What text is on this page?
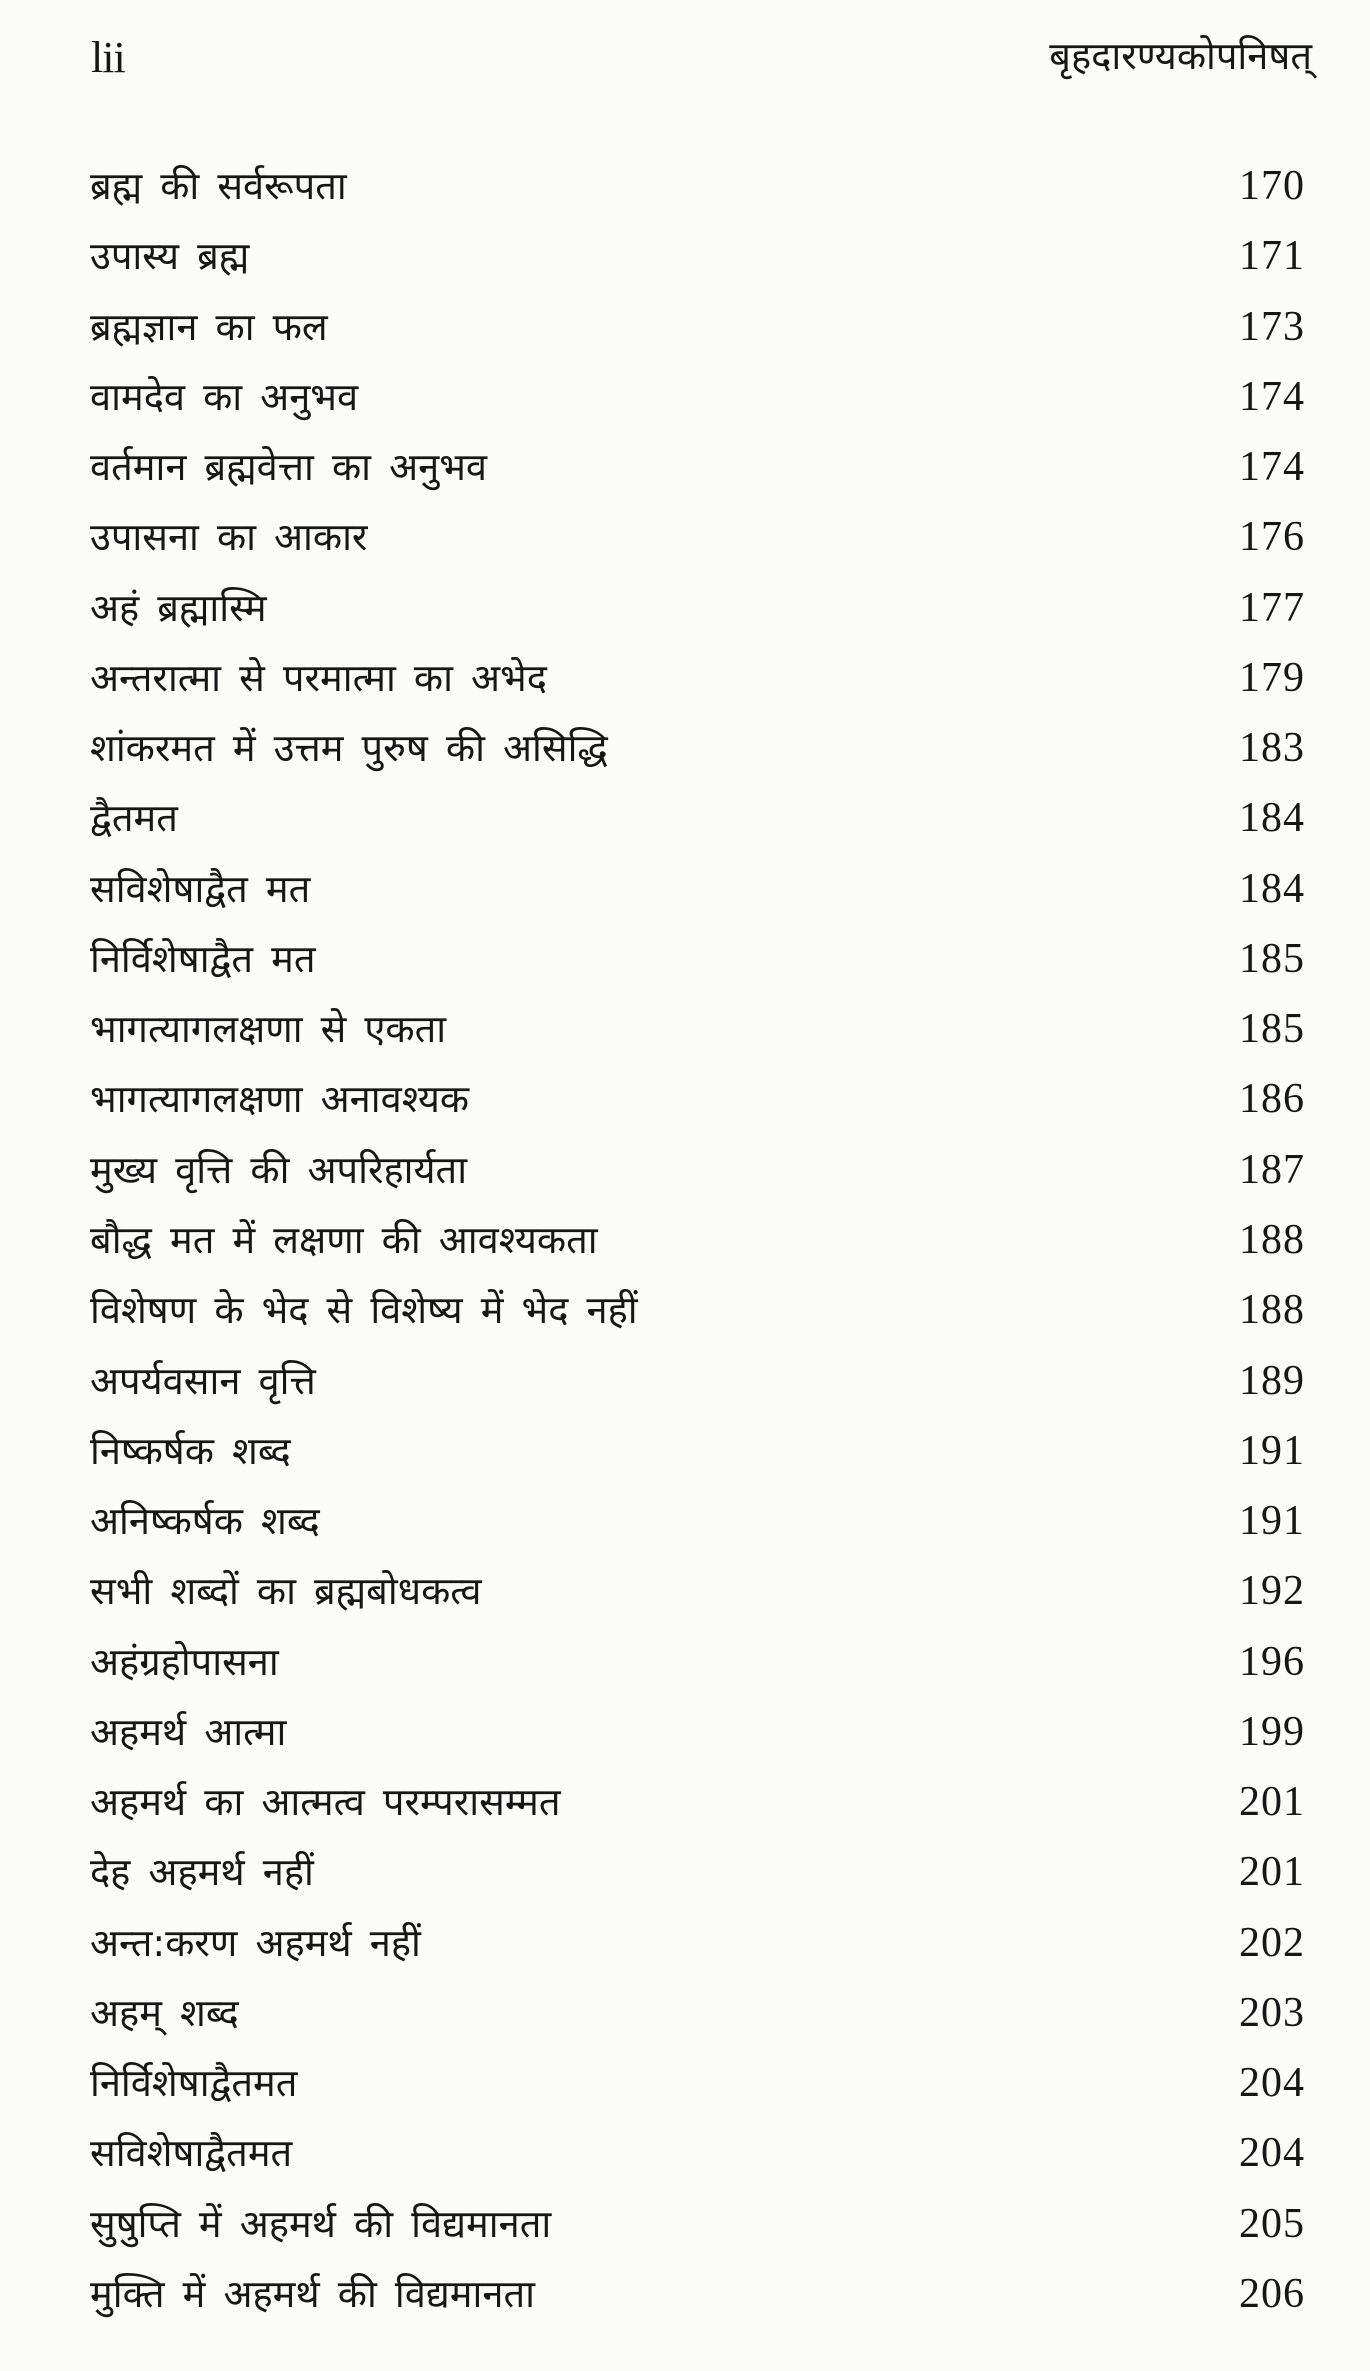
lii	बृहदारण्यकोपनिषत्
ब्रह्म की सर्वरूपता	170
उपास्य ब्रह्म	171
ब्रह्मज्ञान का फल	173
वामदेव का अनुभव	174
वर्तमान ब्रह्मवेत्ता का अनुभव	174
उपासना का आकार	176
अहं ब्रह्मास्मि	177
अन्तरात्मा से परमात्मा का अभेद	179
शांकरमत में उत्तम पुरुष की असिद्धि	183
द्वैतमत	184
सविशेषाद्वैत मत	184
निर्विशेषाद्वैत मत	185
भागत्यागलक्षणा से एकता	185
भागत्यागलक्षणा अनावश्यक	186
मुख्य वृत्ति की अपरिहार्यता	187
बौद्ध मत में लक्षणा की आवश्यकता	188
विशेषण के भेद से विशेष्य में भेद नहीं	188
अपर्यवसान वृत्ति	189
निष्कर्षक शब्द	191
अनिष्कर्षक शब्द	191
सभी शब्दों का ब्रह्मबोधकत्व	192
अहंग्रहोपासना	196
अहमर्थ आत्मा	199
अहमर्थ का आत्मत्व परम्परासम्मत	201
देह अहमर्थ नहीं	201
अन्त:करण अहमर्थ नहीं	202
अहम् शब्द	203
निर्विशेषाद्वैतमत	204
सविशेषाद्वैतमत	204
सुषुप्ति में अहमर्थ की विद्यमानता	205
मुक्ति में अहमर्थ की विद्यमानता	206
